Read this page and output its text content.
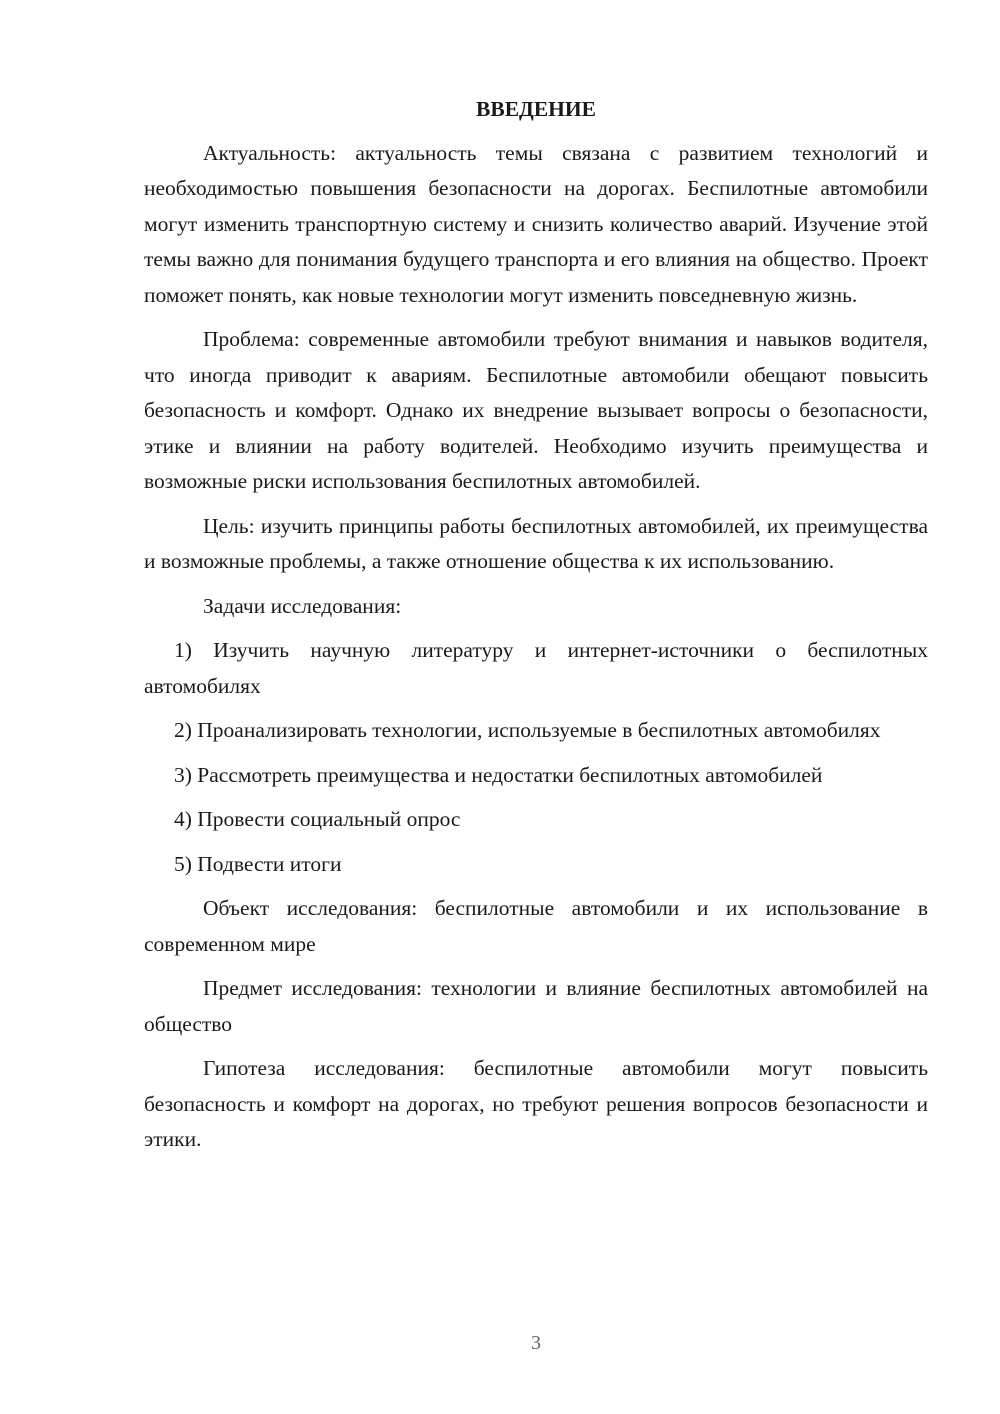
ВВЕДЕНИЕ
Актуальность: актуальность темы связана с развитием технологий и необходимостью повышения безопасности на дорогах. Беспилотные автомобили могут изменить транспортную систему и снизить количество аварий. Изучение этой темы важно для понимания будущего транспорта и его влияния на общество. Проект поможет понять, как новые технологии могут изменить повседневную жизнь.
Проблема: современные автомобили требуют внимания и навыков водителя, что иногда приводит к авариям. Беспилотные автомобили обещают повысить безопасность и комфорт. Однако их внедрение вызывает вопросы о безопасности, этике и влиянии на работу водителей. Необходимо изучить преимущества и возможные риски использования беспилотных автомобилей.
Цель: изучить принципы работы беспилотных автомобилей, их преимущества и возможные проблемы, а также отношение общества к их использованию.
Задачи исследования:
1) Изучить научную литературу и интернет-источники о беспилотных автомобилях
2) Проанализировать технологии, используемые в беспилотных автомобилях
3) Рассмотреть преимущества и недостатки беспилотных автомобилей
4) Провести социальный опрос
5) Подвести итоги
Объект исследования: беспилотные автомобили и их использование в современном мире
Предмет исследования: технологии и влияние беспилотных автомобилей на общество
Гипотеза исследования: беспилотные автомобили могут повысить безопасность и комфорт на дорогах, но требуют решения вопросов безопасности и этики.
3
